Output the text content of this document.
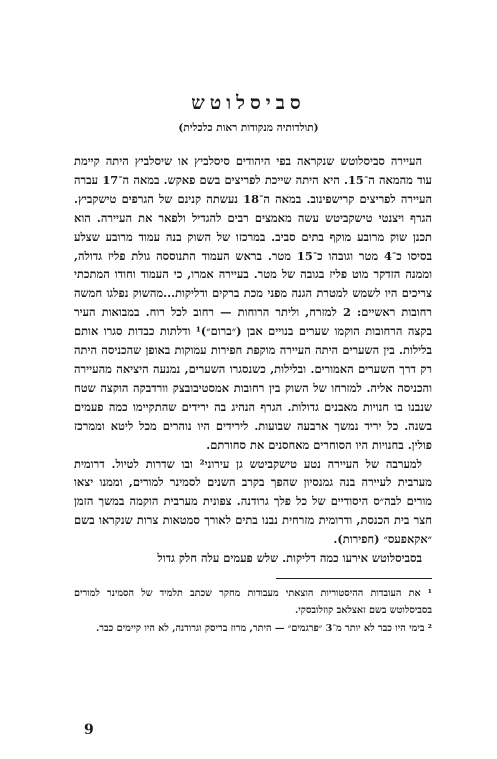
סביסלוטש
(תולדותיה מנקודות ראות כלכלית)

העיירה סביסלוטש שנקראה בפי היהודים סיסלביץ או שיסלביץ היתה קיימת עוד מהמאה ה־15. היא היתה שייכת לפריצים בשם פאקש. במאה ה־17 עברה העיירה לפריצים קרישפינוב. במאה ה־18 נעשתה קנינם של הגרפים טישקביץ. הגרף ויצנטי טישקביטש עשה מאמצים רבים להגדיל ולפאר את העיירה. הוא תכנן שוק מרובע מוקף בתים סביב. במרכזו של השוק בנה עמוד מרובע שצלע בסיסו כ־4 מטר וגובהו כ־15 מטר. בראש העמוד התנוססה גולת פליז גדולה, וממנה הזדקר מוט פליז בגובה של מטר. בעיירה אמרו, כי העמוד וחודו המתכתי צריכים היו לשמש למטרת הגנה מפני מכת ברקים ודליקות...מהשוק נפלגו חמשה רחובות ראשיים: 2 למזרח, וליתר הרוחות — רחוב לכל רוח. במבואות העיר בקצה הרחובות הוקמו שערים בנויים אבן (״ברום״)¹ ודלתות כבדות סגרו אותם בלילות. בין השערים היתה העיירה מוקפת חפירות עמוקות באופן שהכניסה היתה רק דרך השערים האמורים. ובלילות, כשנסגרו השערים, נמנעה היציאה מהעיירה והכניסה אליה. למזרחו של השוק בין רחובות אמסטיבובצק וורדבקה הוקצה שטח שנבנו בו חנויות מאבנים גדולות. הגרף הנהיג בה ירידים שהתקיימו כמה פעמים בשנה. כל יריד נמשך ארבעה שבועות. לירידים היו נוהרים מכל ליטא וממרכז פולין. בחנויות היו הסוחרים מאחסנים את סחורתם.

למערבה של העיירה נטע טישקביטש גן עירוני² ובו שדרות לטיול. דרומית מערבית לעיירה בנה גמנסיון שהפך בקרב השנים לסמינר למורים, וממנו יצאו מורים לבה״ס היסודיים של כל פלך גרודנה. צפונית מערבית הוקמה במשך הזמן חצר בית הכנסת, ודרומית מזרחית נבנו בתים לאורך סמטאות צרות שנקראו בשם ״אקאפעס״ (חפירות).

בסביסלוטש אירעו כמה דליקות. שלש פעמים עלה חלק גדול

¹ את העובדות ההיסטוריות הוצאתי מעבודות מחקר שכתב תלמיד של הסמינר למורים בסביסלוטש בשם זאצלאב קוזלובסקי.

² בימי היו כבר לא יותר מ־3 ״פרגמים״ — היתר, מרוז בריסק וגרודנה, לא היו קיימים כבר.

9
